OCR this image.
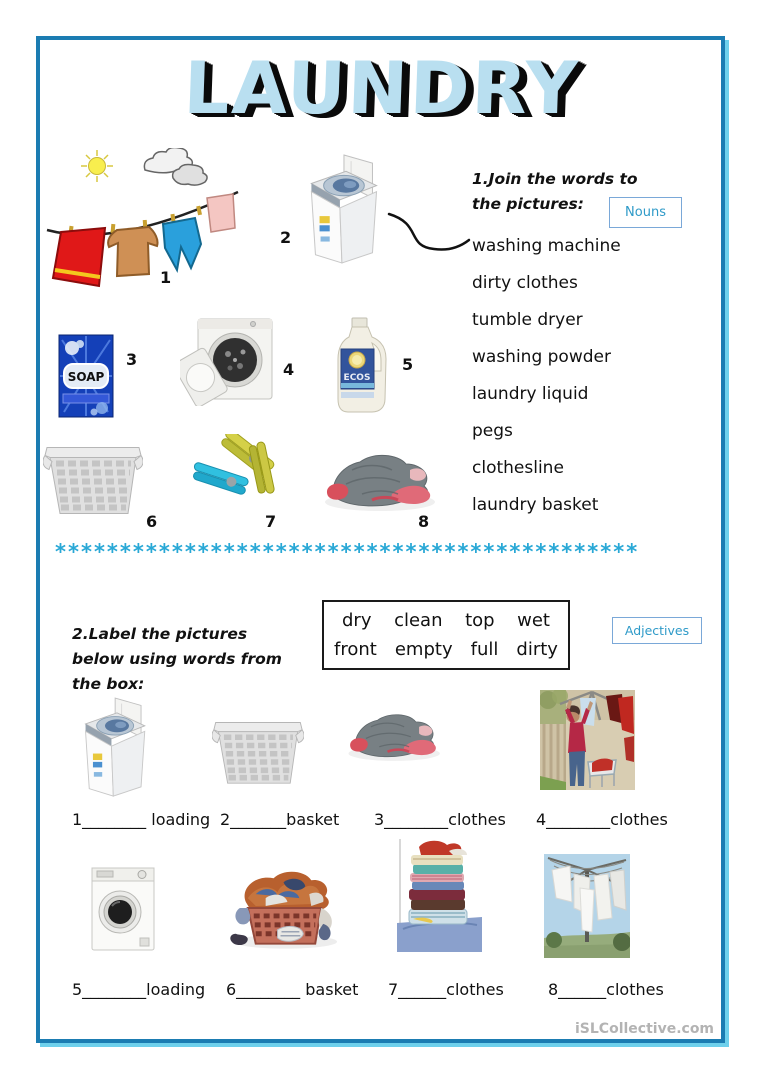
LAUNDRY
1
2
SOAP
3
4	ECOS
5
6	7	8
1.Join the words to the pictures:	Nouns
washing machine
dirty clothes
tumble dryer
washing powder
laundry liquid
pegs
clothesline
laundry basket
*********************************************
2.Label the pictures below using words from the box:
dry clean top wet
front empty full dirty
Adjectives
1________ loading 2_______basket 3________clothes 4________clothes
5________loading 6________ basket 7______clothes	8______clothes
iSLCollective.com
